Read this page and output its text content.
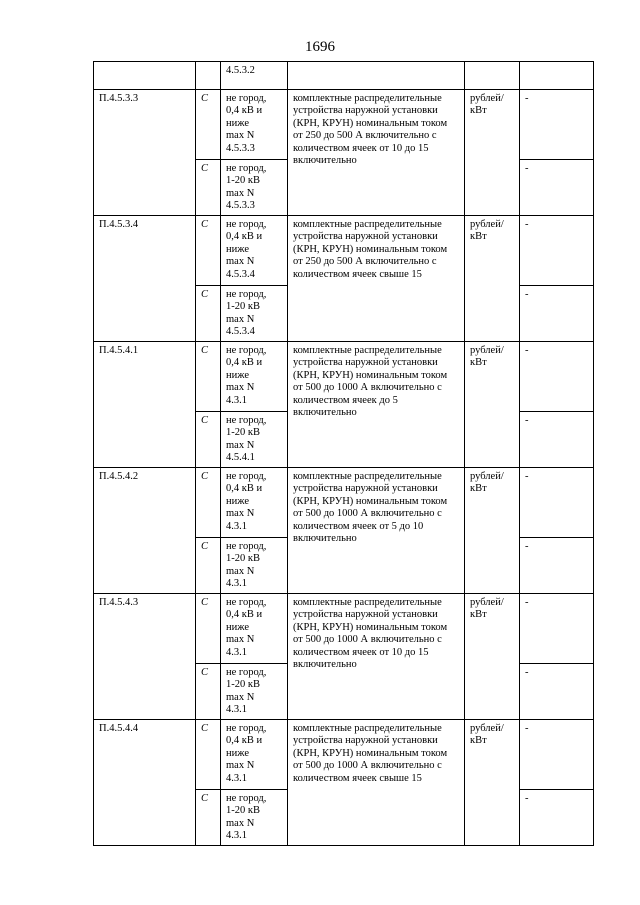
1696

		4.5.3.2			

П.4.5.3.3	С	не город,
0,4 кВ и
ниже
max N
4.5.3.3	комплектные распределительные устройства наружной установки (КРН, КРУН) номинальным током от 250 до 500 А включительно с количеством ячеек от 10 до 15 включительно	рублей/ кВт	-
	С	не город,
1-20 кВ
max N
4.5.3.3			-
П.4.5.3.4	С	не город,
0,4 кВ и
ниже
max N
4.5.3.4	комплектные распределительные устройства наружной установки (КРН, КРУН) номинальным током от 250 до 500 А включительно с количеством ячеек свыше 15	рублей/ кВт	-
	С	не город,
1-20 кВ
max N
4.5.3.4			-
П.4.5.4.1	С	не город,
0,4 кВ и
ниже
max N
4.3.1	комплектные распределительные устройства наружной установки (КРН, КРУН) номинальным током от 500 до 1000 А включительно с количеством ячеек до 5 включительно	рублей/ кВт	-
	С	не город,
1-20 кВ
max N
4.5.4.1			-
П.4.5.4.2	С	не город,
0,4 кВ и
ниже
max N
4.3.1	комплектные распределительные устройства наружной установки (КРН, КРУН) номинальным током от 500 до 1000 А включительно с количеством ячеек от 5 до 10 включительно	рублей/ кВт	-
	С	не город,
1-20 кВ
max N
4.3.1			-
П.4.5.4.3	С	не город,
0,4 кВ и
ниже
max N
4.3.1	комплектные распределительные устройства наружной установки (КРН, КРУН) номинальным током от 500 до 1000 А включительно с количеством ячеек от 10 до 15 включительно	рублей/ кВт	-
	С	не город,
1-20 кВ
max N
4.3.1			-
П.4.5.4.4	С	не город,
0,4 кВ и
ниже
max N
4.3.1	комплектные распределительные устройства наружной установки (КРН, КРУН) номинальным током от 500 до 1000 А включительно с количеством ячеек свыше 15	рублей/ кВт	-
	С	не город,
1-20 кВ
max N
4.3.1			-
